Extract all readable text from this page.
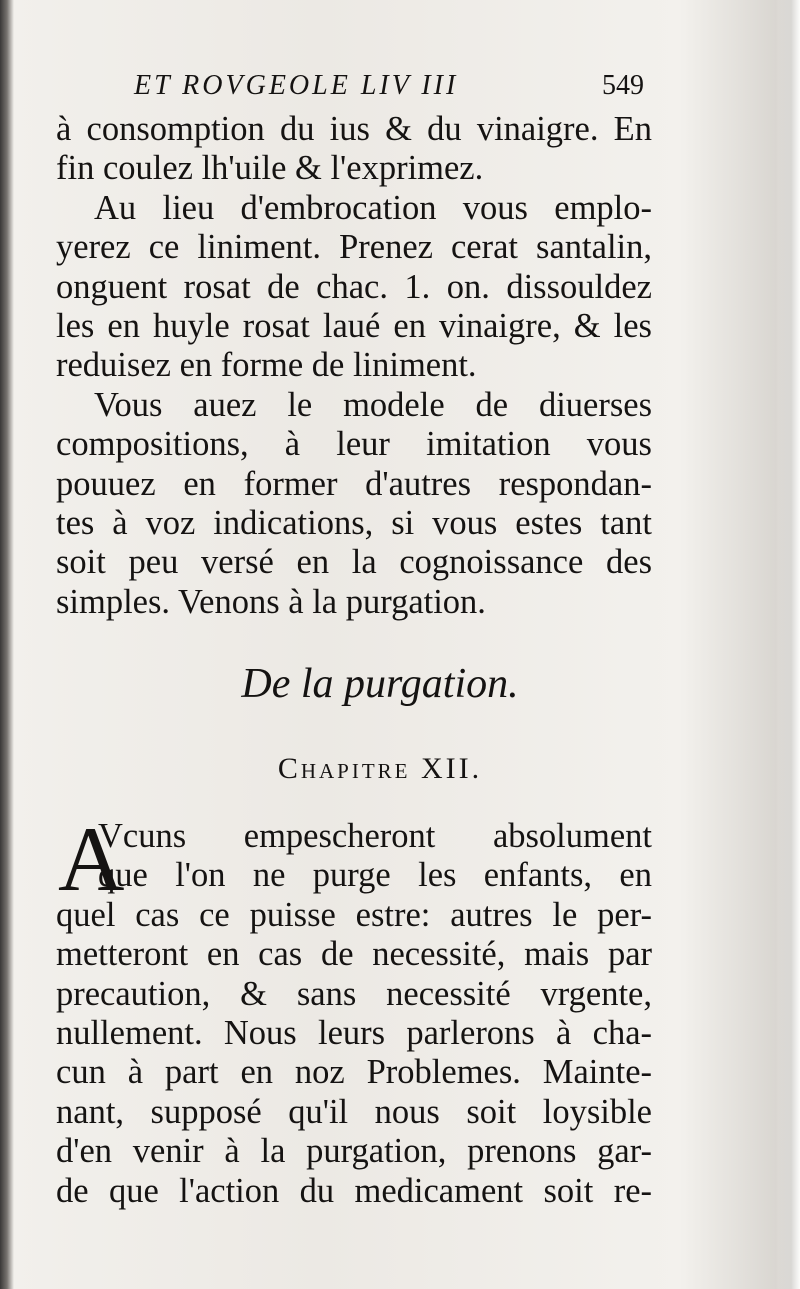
ET ROVGEOLE LIV III	549
à consomption du ius & du vinaigre. En
fin coulez lh'uile & l'exprimez.
Au lieu d'embrocation vous emplo-
yerez ce liniment. Prenez cerat santalin,
onguent rosat de chac. 1. on. dissouldez
les en huyle rosat laué en vinaigre, & les
reduisez en forme de liniment.
Vous auez le modele de diuerses
compositions, à leur imitation vous
pouuez en former d'autres respondan-
tes à voz indications, si vous estes tant
soit peu versé en la cognoissance des
simples. Venons à la purgation.
De la purgation.
Chapitre XII.
A
Vcuns empescheront absolument
que l'on ne purge les enfants, en
quel cas ce puisse estre: autres le per-
metteront en cas de necessité, mais par
precaution, & sans necessité vrgente,
nullement. Nous leurs parlerons à cha-
cun à part en noz Problemes. Mainte-
nant, supposé qu'il nous soit loysible
d'en venir à la purgation, prenons gar-
de que l'action du medicament soit re-
